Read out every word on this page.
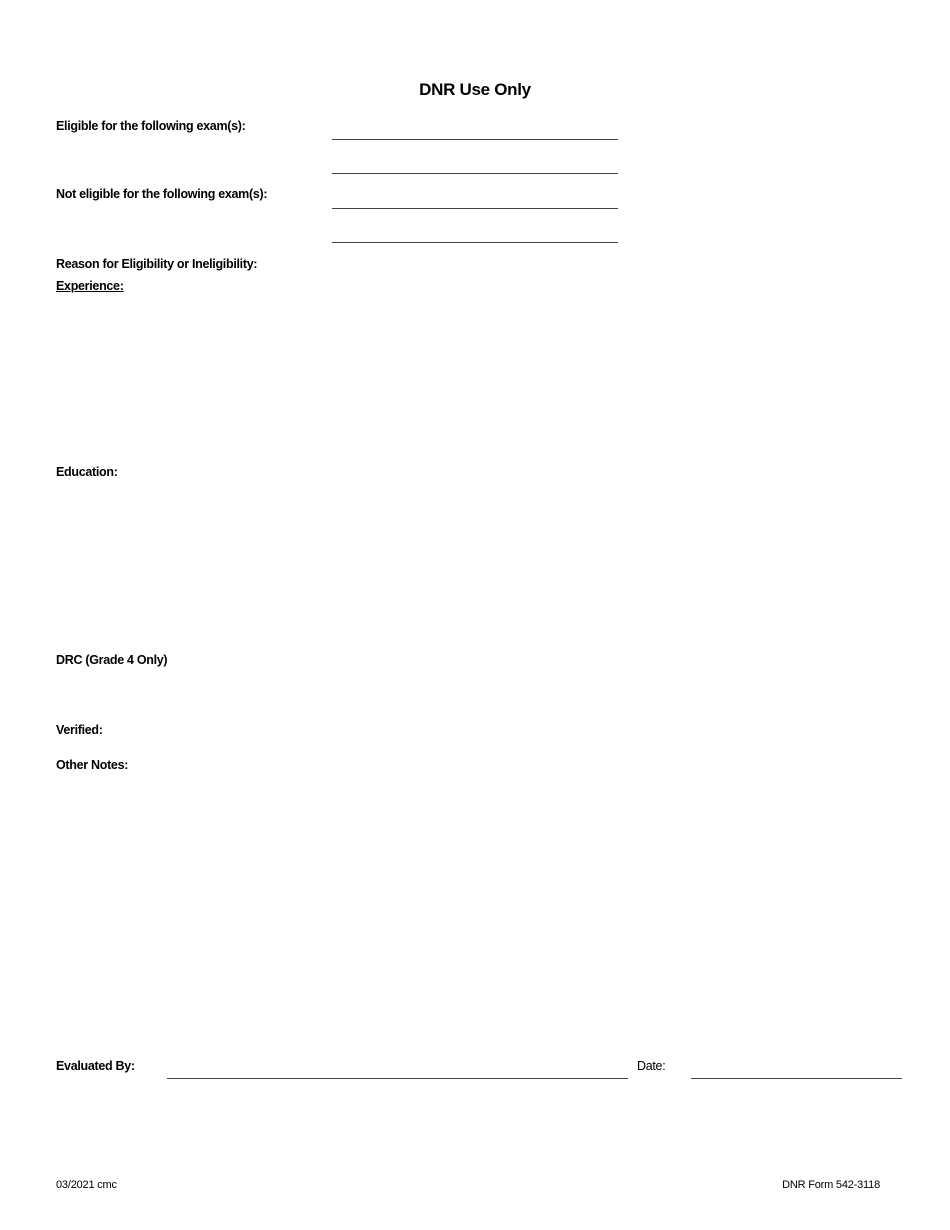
DNR Use Only
Eligible for the following exam(s):
Not eligible for the following exam(s):
Reason for Eligibility or Ineligibility:
Experience:
Education:
DRC (Grade 4 Only)
Verified:
Other Notes:
Evaluated By:	Date:
03/2021 cmc	DNR Form 542-3118
